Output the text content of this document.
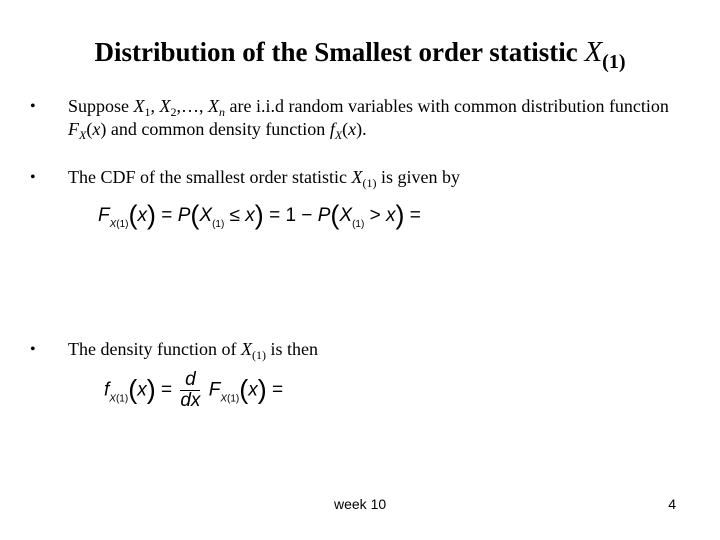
Distribution of the Smallest order statistic $X_{(1)}$
•	Suppose $X_1$, $X_2,\dots$, $X_n$ are i.i.d random variables with common distribution function $F_X(x)$ and common density function $f_X(x)$.
•	The CDF of the smallest order statistic $X_{(1)}$ is given by
$F_{X(1)}(x) = P(X_{(1)} \le x) = 1 - P(X_{(1)} > x)$ =
•	The density function of $X_{(1)}$ is then
$f_{X(1)}(x) = \frac{d}{dx} F_{X(1)}(x)$ =
week 10	4
